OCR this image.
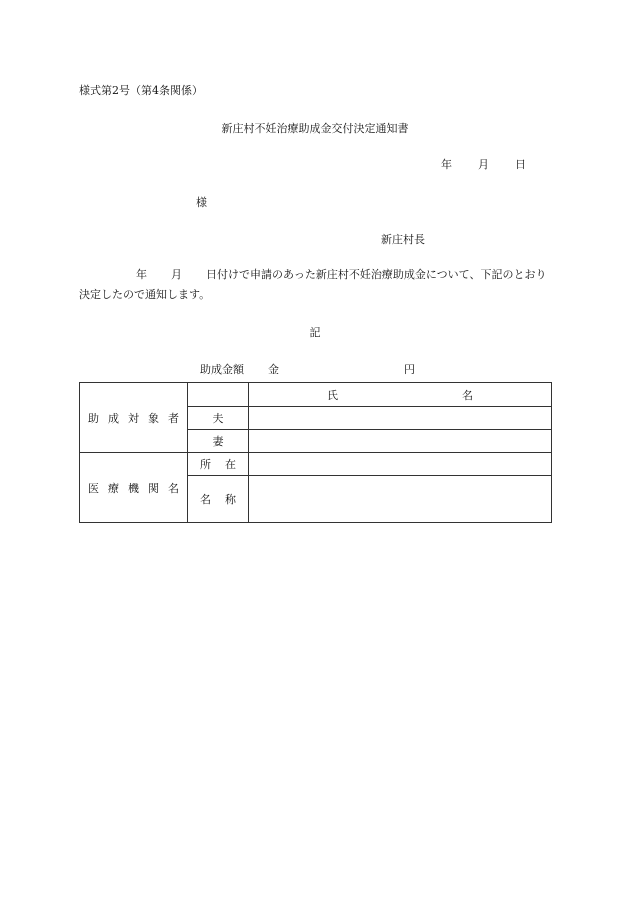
様式第2号（第4条関係）
新庄村不妊治療助成金交付決定通知書
年 月 日
様
新庄村長
年 月 日付けで申請のあった新庄村不妊治療助成金について、下記のとおり決定したので通知します。
記
助成金額 金	円
助成対象者		氏　　名

	夫	
	妻	

医療機関名	所在	

	名称	
